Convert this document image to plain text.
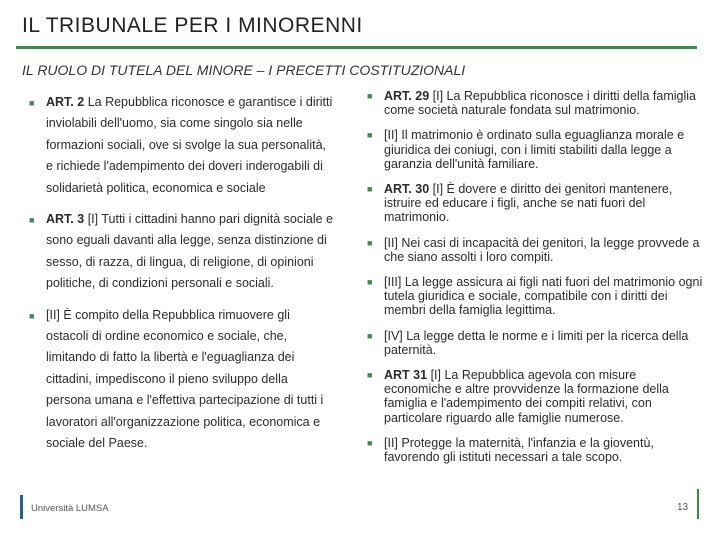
IL TRIBUNALE PER I MINORENNI
IL RUOLO DI TUTELA DEL MINORE – I PRECETTI COSTITUZIONALI
■ ART. 2 La Repubblica riconosce e garantisce i diritti inviolabili dell'uomo, sia come singolo sia nelle formazioni sociali, ove si svolge la sua personalità, e richiede l'adempimento dei doveri inderogabili di solidarietà politica, economica e sociale
■ ART. 3 [I] Tutti i cittadini hanno pari dignità sociale e sono eguali davanti alla legge, senza distinzione di sesso, di razza, di lingua, di religione, di opinioni politiche, di condizioni personali e sociali.
■ [II] È compito della Repubblica rimuovere gli ostacoli di ordine economico e sociale, che, limitando di fatto la libertà e l'eguaglianza dei cittadini, impediscono il pieno sviluppo della persona umana e l'effettiva partecipazione di tutti i lavoratori all'organizzazione politica, economica e sociale del Paese.
■ ART. 29 [I] La Repubblica riconosce i diritti della famiglia come società naturale fondata sul matrimonio.
■ [II] Il matrimonio è ordinato sulla eguaglianza morale e giuridica dei coniugi, con i limiti stabiliti dalla legge a garanzia dell'unità familiare.
■ ART. 30 [I] È dovere e diritto dei genitori mantenere, istruire ed educare i figli, anche se nati fuori del matrimonio.
■ [II] Nei casi di incapacità dei genitori, la legge provvede a che siano assolti i loro compiti.
■ [III] La legge assicura ai figli nati fuori del matrimonio ogni tutela giuridica e sociale, compatibile con i diritti dei membri della famiglia legittima.
■ [IV] La legge detta le norme e i limiti per la ricerca della paternità.
■ ART 31 [I] La Repubblica agevola con misure economiche e altre provvidenze la formazione della famiglia e l'adempimento dei compiti relativi, con particolare riguardo alle famiglie numerose.
■ [II] Protegge la maternità, l'infanzia e la gioventù, favorendo gli istituti necessari a tale scopo.
Università LUMSA	13
